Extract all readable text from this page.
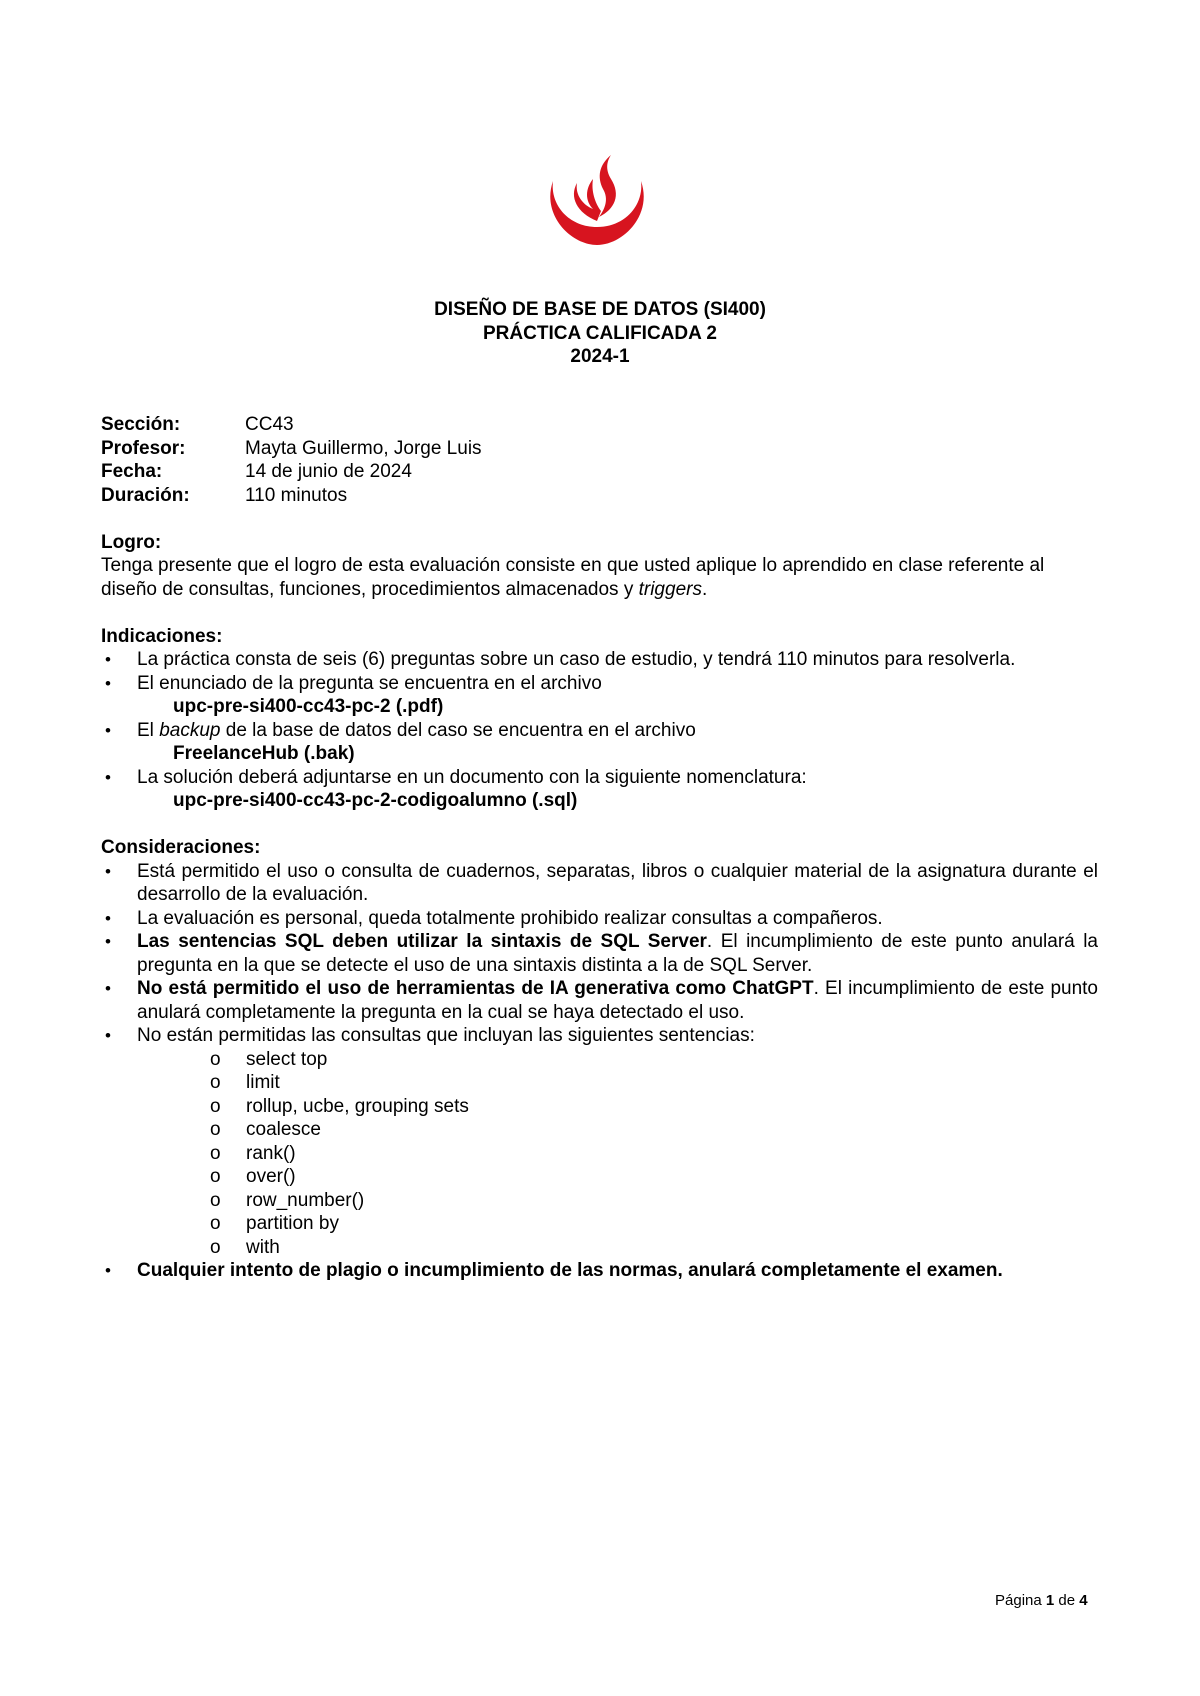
DISEÑO DE BASE DE DATOS (SI400)
PRÁCTICA CALIFICADA 2
2024-1
Sección:	CC43
Profesor:	Mayta Guillermo, Jorge Luis
Fecha:	14 de junio de 2024
Duración:	110 minutos
Logro:
Tenga presente que el logro de esta evaluación consiste en que usted aplique lo aprendido en clase referente al diseño de consultas, funciones, procedimientos almacenados y triggers.
Indicaciones:
• La práctica consta de seis (6) preguntas sobre un caso de estudio, y tendrá 110 minutos para resolverla.
• El enunciado de la pregunta se encuentra en el archivo
upc-pre-si400-cc43-pc-2 (.pdf)
• El backup de la base de datos del caso se encuentra en el archivo
FreelanceHub (.bak)
• La solución deberá adjuntarse en un documento con la siguiente nomenclatura:
upc-pre-si400-cc43-pc-2-codigoalumno (.sql)
Consideraciones:
• Está permitido el uso o consulta de cuadernos, separatas, libros o cualquier material de la asignatura durante el desarrollo de la evaluación.
• La evaluación es personal, queda totalmente prohibido realizar consultas a compañeros.
• Las sentencias SQL deben utilizar la sintaxis de SQL Server. El incumplimiento de este punto anulará la pregunta en la que se detecte el uso de una sintaxis distinta a la de SQL Server.
• No está permitido el uso de herramientas de IA generativa como ChatGPT. El incumplimiento de este punto anulará completamente la pregunta en la cual se haya detectado el uso.
• No están permitidas las consultas que incluyan las siguientes sentencias:
o select top
o limit
o rollup, ucbe, grouping sets
o coalesce
o rank()
o over()
o row_number()
o partition by
o with
• Cualquier intento de plagio o incumplimiento de las normas, anulará completamente el examen.
Página 1 de 4
